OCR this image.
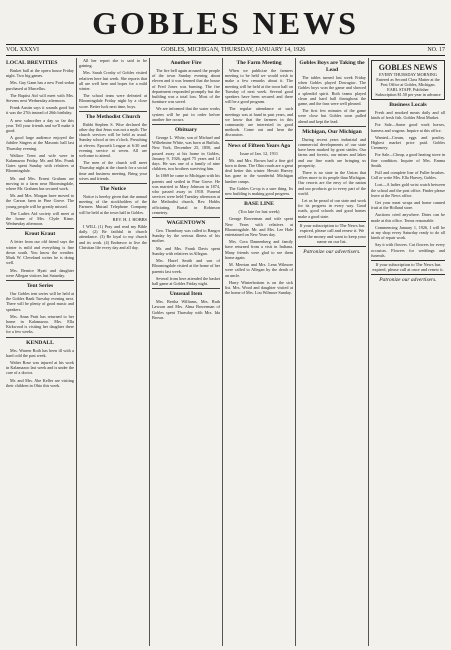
GOBLES NEWS
VOL XXXVI	GOBLES, MICHIGAN, THURSDAY, JANUARY 14, 1926	NO. 17
LOCAL BREVITIES
Basket ball at the opera house Friday night. Two big games.
Mrs. Guy Gann has a new Ford sedan purchased at Marcellus.
The Baptist Aid will meet with Mrs. Stevens next Wednesday afternoon.
Frank Austin says it sounds good but it was the 27th instead of 26th birthday.
A new subscriber a day so far this year. Tell your friends and we'll make it good.
A good large audience enjoyed the Jubilee Singers at the Masonic hall last Thursday evening.
Wallace Trent and wife were in Kalamazoo Friday. Mr. and Mrs. Frank Gates spent Sunday with relatives at Bloomingdale.
Mr. and Mrs. Ernest Graham are moving to a farm near Bloomingdale, where Mr. Graham has secured work.
Mr. and Mrs. Morgan have moved to the Carson farm in Pine Grove. The young people will be greatly missed.
The Ladies Aid society will meet at the home of Mrs. Clyde Kime, Wednesday afternoon.
Krout Kraut
A letter from our old friend says the winter is mild and everything is fine down south. You know the weather. Mark W. Cleveland writes he is doing well.
Mrs. Bernice Hyatt and daughter were Allegan visitors last Saturday.
Tent Series
Our Gobles tent series will be held at the Gobles Bank Tuesday evening next. There will be plenty of good music and speakers.
Mrs. Anna Pratt has returned to her home in Kalamazoo. Mrs. Ella Kirkwood is visiting her daughter there for a few weeks.
KENDALL
Mrs. Warren Roth has been ill with a hard cold the past week.
Walter Rose was injured at his work in Kalamazoo last week and is under the care of a doctor.
Mr. and Mrs. Abe Keller are visiting their children in Ohio this week.
All her report she is said to be gaining.
Mrs. Sarah Crosby of Gobles visited relatives here last week. She reports that all are well here and hopes for a mild winter.
The school team were defeated at Bloomingdale Friday night by a close score. Better luck next time, boys.
The Methodist Church
Rabbi Stephen S. Wise declared the other day that Jesus was not a myth. The church services will be held as usual. Sunday school at ten o'clock. Preaching at eleven. Epworth League at 6:30 and evening service at seven. All are welcome to attend.
The men of the church will meet Thursday night at the church for a social time and business meeting. Bring your wives and friends.
The Notice
Notice is hereby given that the annual meeting of the stockholders of the Farmers Mutual Telephone Company will be held at the town hall in Gobles.
REV. H. J. HOBBS
I WILL (1) Pray and read my Bible daily. (2) Be faithful in church attendance. (3) Be loyal to my church and its work. (4) Endeavor to live the Christian life every day and all day.
Another Fire
The fire bell again aroused the people of the town Sunday evening about eleven and it was learned that the house of Fred Jones was burning. The fire department responded promptly but the building was a total loss. Most of the furniture was saved.
We are informed that the water works system will be put in order before another fire occurs.
Obituary
George L. White, son of Michael and Wilhelmine White, was born at Buffalo, New York, December 25, 1850, and passed away at his home in Gobles, January 9, 1926, aged 75 years and 14 days. He was one of a family of nine children, two brothers surviving him.
In 1869 he came to Michigan with his parents and settled in Pine Grove. He was married to Mary Johnson in 1874, who passed away in 1918. Funeral services were held Tuesday afternoon at the Methodist church, Rev. Hobbs officiating. Burial in Robinson cemetery.
WAGENTOWN
Geo. Thornbury was called to Bangor Sunday by the serious illness of his mother.
Mr. and Mrs. Frank Davis spent Sunday with relatives in Allegan.
Mrs. Hazel Smith and son of Bloomingdale visited at the home of her parents last week.
Several from here attended the basket ball game at Gobles Friday night.
Unusual Item
Mrs. Bertha Williams, Mrs. Ruth Lawson and Mrs. Alma Bowerman of Gobles spent Thursday with Mrs. Ida Brown.
The Farm Meeting
When we publicize the farmers meeting to be held we would wish to make a few remarks about it. The meeting will be held at the town hall on Tuesday of next week. Several good speakers have been secured and there will be a good program.
The regular attendance at such meetings was at hand in past years, and we know that the farmers in this community are interested in good methods. Come out and hear the discussion.
News of Fifteen Years Ago
Issue of Jan. 12, 1911
Mr. and Mrs. Brown had a fine girl born to them. The Ohio roads are a great deal better this winter. Hewitt Harvey has gone to the wonderful Michigan lumber camps.
The Gobles Co-op is a sure thing. Its new building is making good progress.
BASE LINE
(Too late for last week)
George Bowerman and wife spent New Years with relatives at Bloomingdale. Mr. and Mrs. Lee Hale entertained on New Years day.
Mrs. Cora Dannenberg and family have returned from a visit in Indiana. Many friends were glad to see them home again.
M. Merrian and Mrs. Lena Wilmore were called to Allegan by the death of an uncle.
Harry Winterbottom is on the sick list. Mrs. Wood and daughter visited at the home of Mrs. Lou Wilmore Sunday.
Gobles Boys are Taking the Lead
The tables turned last week Friday when Gobles played Dowagiac. The Gobles boys won the game and showed a splendid spirit. Both teams played clean and hard ball throughout the game, and the fans were well pleased.
The first few minutes of the game were close but Gobles soon pulled ahead and kept the lead.
Michigan, Our Michigan
During recent years industrial and commercial developments of our state have been marked by great strides. Our farms and forests, our mines and lakes and our fine roads are bringing us prosperity.
There is no state in the Union that offers more to its people than Michigan. Our resorts are the envy of the nation and our products go to every part of the world.
Let us be proud of our state and work for its progress in every way. Good roads, good schools and good homes make a good state.
If your subscription to The News has expired, please call and renew it. We need the money and want to keep your name on our list.
Patronize our advertisers.
GOBLES NEWS
EVERY THURSDAY MORNING
Entered as Second Class Matter at the Post Office at Gobles, Michigan.
EARL STAFF, Publisher
Subscription $1.50 per year in advance
Business Locals
Fresh and smoked meats daily and all kinds of fresh fish. Gobles Meat Market.
For Sale—Some good work horses, harness and wagons. Inquire at this office.
Wanted—Cream, eggs and poultry. Highest market price paid. Gobles Creamery.
For Sale—Cheap, a good heating stove in fine condition. Inquire of Mrs. Emma Smith.
Full and complete line of Fuller brushes. Call or write Mrs. Ella Harvey, Gobles.
Lost—A ladies gold wrist watch between the school and the post office. Finder please leave at the News office.
Get your meat wraps and home canned fruit at the Holland store.
Auctions cried anywhere. Dates can be made at this office. Terms reasonable.
Commencing January 1, 1926, I will be at my shop every Saturday ready to do all kinds of repair work.
Say it with flowers. Cut flowers for every occasion. Flowers for weddings and funerals.
If your subscription to The News has expired, please call at once and renew it.
Patronize our advertisers.
